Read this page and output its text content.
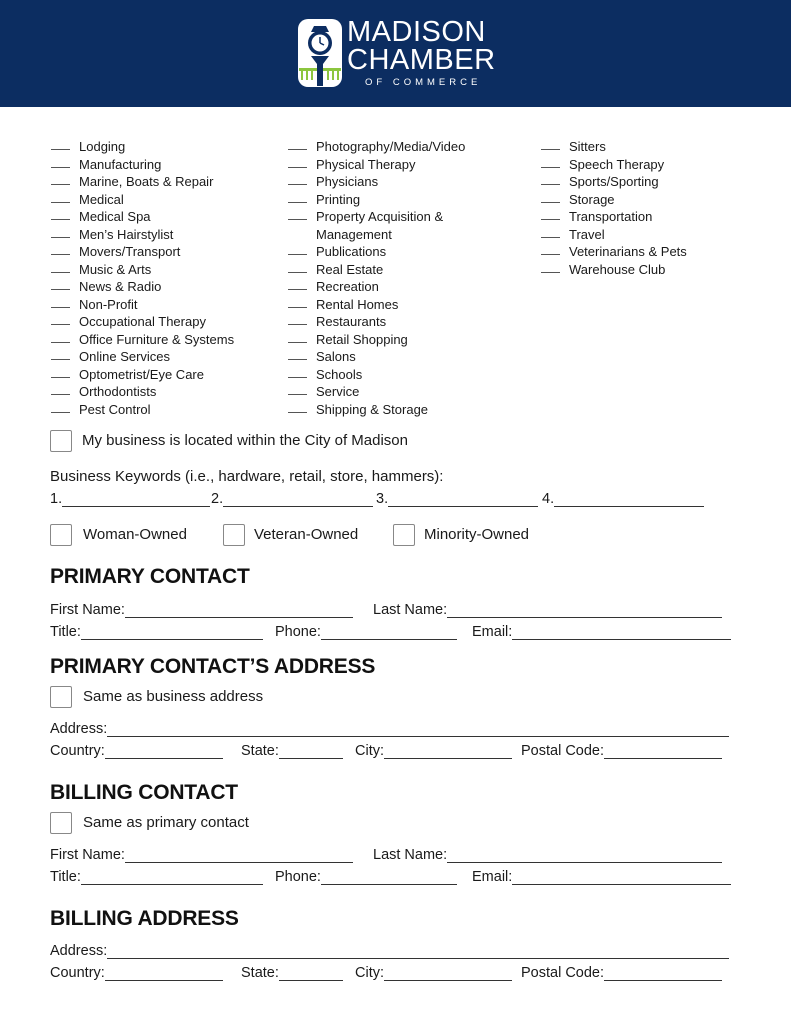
MADISON
CHAMBER
OF COMMERCE
Lodging
Manufacturing
Marine, Boats & Repair
Medical
Medical Spa
Men’s Hairstylist
Movers/Transport
Music & Arts
News & Radio
Non-Profit
Occupational Therapy
Office Furniture & Systems
Online Services
Optometrist/Eye Care
Orthodontists
Pest Control
Photography/Media/Video
Physical Therapy
Physicians
Printing
Property Acquisition &
Management
Publications
Real Estate
Recreation
Rental Homes
Restaurants
Retail Shopping
Salons
Schools
Service
Shipping & Storage
Sitters
Speech Therapy
Sports/Sporting
Storage
Transportation
Travel
Veterinarians & Pets
Warehouse Club
My business is located within the City of Madison
Business Keywords (i.e., hardware, retail, store, hammers):
1.	2.	3.	4.
Woman-Owned	Veteran-Owned	Minority-Owned
PRIMARY CONTACT
First Name:	Last Name:
Title:	Phone:	Email:
PRIMARY CONTACT’S ADDRESS
Same as business address
Address:
Country:	State:	City:	Postal Code:
BILLING CONTACT
Same as primary contact
First Name:	Last Name:
Title:	Phone:	Email:
BILLING ADDRESS
Address:
Country:	State:	City:	Postal Code:
